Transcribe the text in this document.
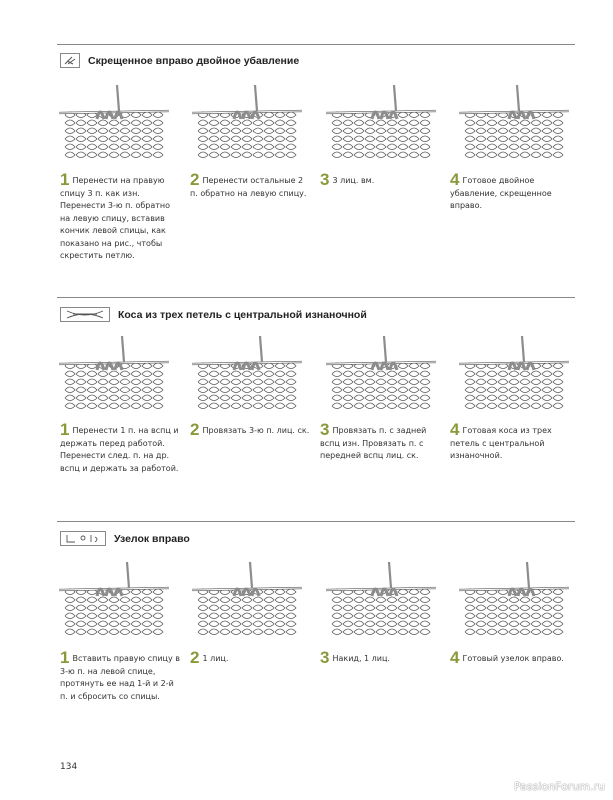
Скрещенное вправо двойное убавление
1 Перенести на правую спицу 3 п. как изн. Перенести 3-ю п. обратно на левую спицу, вставив кончик левой спицы, как показано на рис., чтобы скрестить петлю.
2 Перенести остальные 2 п. обратно на левую спицу.
3 3 лиц. вм.	4 Готовое двойное убавление, скрещенное вправо.
Коса из трех петель с центральной изнаночной
1 Перенести 1 п. на вспц и держать перед работой. Перенести след. п. на др. вспц и держать за работой.
2 Провязать 3-ю п. лиц. ск. 3 Провязать п. с задней вспц изн. Провязать п. с передней вспц лиц. ск.
4 Готовая коса из трех петель с центральной изнаночной.
Узелок вправо
1 Вставить правую спицу в 3-ю п. на левой спице, протянуть ее над 1-й и 2-й п. и сбросить со спицы.
2 1 лиц.	3 Накид, 1 лиц.	4 Готовый узелок вправо.
134
PassionForum.ru
